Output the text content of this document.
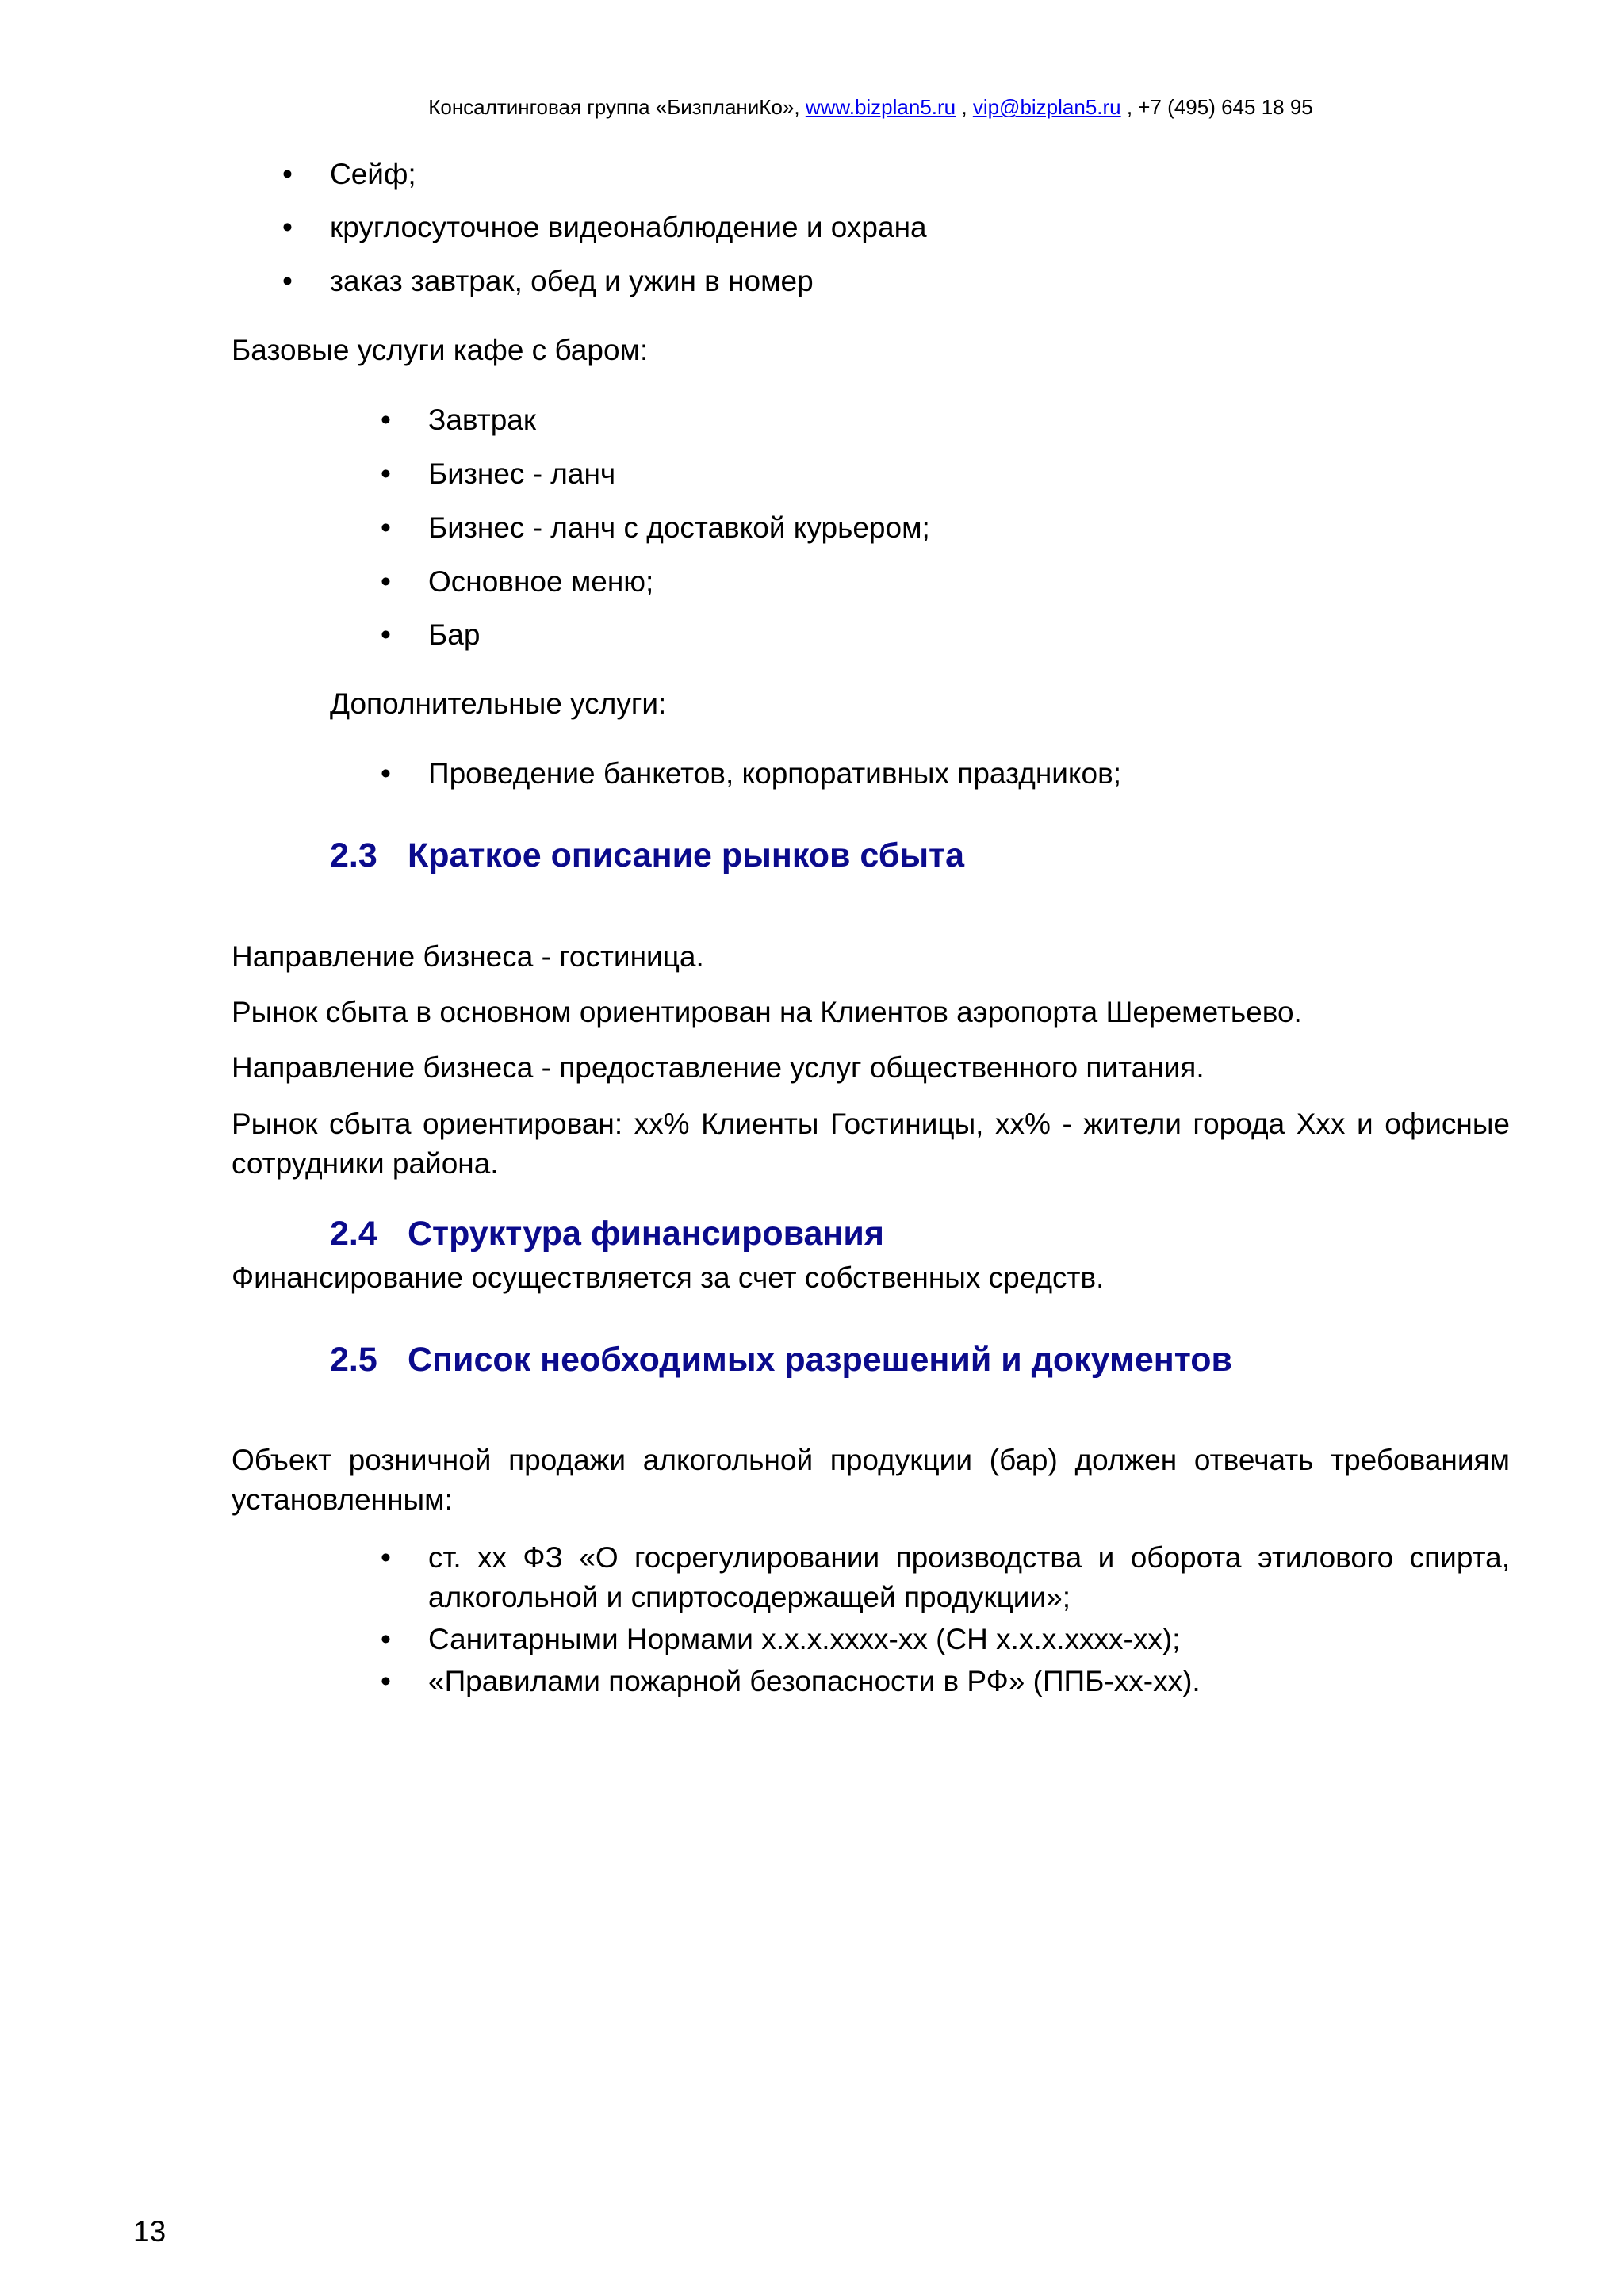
Консалтинговая группа «БизпланиКо», www.bizplan5.ru , vip@bizplan5.ru , +7 (495) 645 18 95
• Сейф;
• круглосуточное видеонаблюдение и охрана
• заказ завтрак, обед и ужин в номер
Базовые услуги кафе с баром:
• Завтрак
• Бизнес - ланч
• Бизнес - ланч с доставкой курьером;
• Основное меню;
• Бар
Дополнительные услуги:
• Проведение банкетов, корпоративных праздников;
2.3 Краткое описание рынков сбыта
Направление бизнеса - гостиница.
Рынок сбыта в основном ориентирован на Клиентов аэропорта Шереметьево.
Направление бизнеса - предоставление услуг общественного питания.
Рынок сбыта ориентирован: хх% Клиенты Гостиницы, хх% - жители города Ххх и офисные сотрудники района.
2.4 Структура финансирования
Финансирование осуществляется за счет собственных средств.
2.5 Список необходимых разрешений и документов
Объект розничной продажи алкогольной продукции (бар) должен отвечать требованиям установленным:
• ст. хх ФЗ «О госрегулировании производства и оборота этилового спирта, алкогольной и спиртосодержащей продукции»;
• Санитарными Нормами х.х.х.хххх-хх (СН х.х.х.хххх-хх);
• «Правилами пожарной безопасности в РФ» (ППБ-хх-хх).
13
